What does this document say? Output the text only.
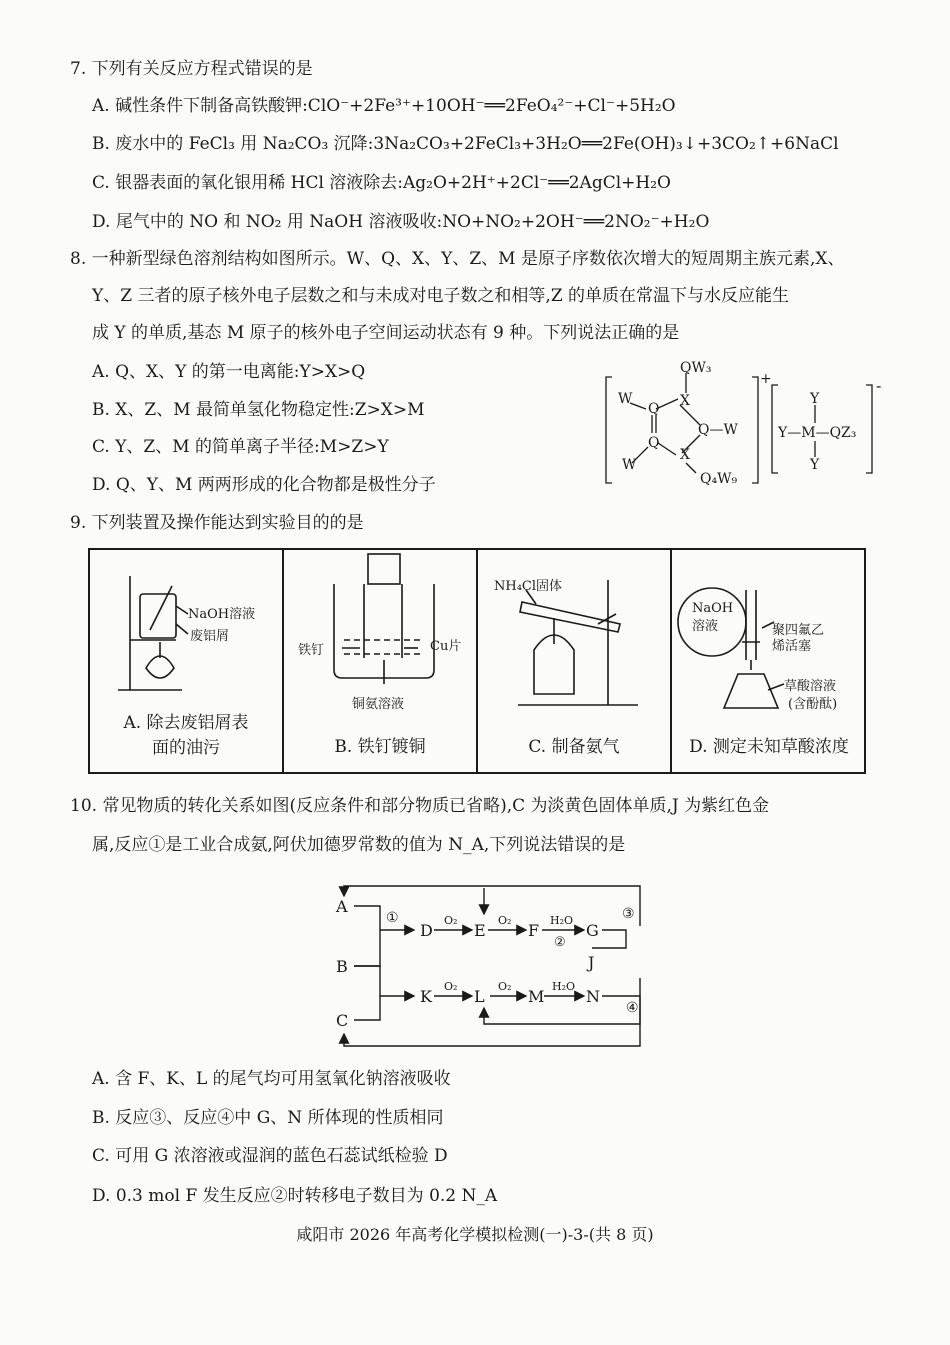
7. 下列有关反应方程式错误的是
A. 碱性条件下制备高铁酸钾:ClO⁻+2Fe³⁺+10OH⁻══2FeO₄²⁻+Cl⁻+5H₂O
B. 废水中的 FeCl₃ 用 Na₂CO₃ 沉降:3Na₂CO₃+2FeCl₃+3H₂O══2Fe(OH)₃↓+3CO₂↑+6NaCl
C. 银器表面的氧化银用稀 HCl 溶液除去:Ag₂O+2H⁺+2Cl⁻══2AgCl+H₂O
D. 尾气中的 NO 和 NO₂ 用 NaOH 溶液吸收:NO+NO₂+2OH⁻══2NO₂⁻+H₂O
8. 一种新型绿色溶剂结构如图所示。W、Q、X、Y、Z、M 是原子序数依次增大的短周期主族元素,X、
Y、Z 三者的原子核外电子层数之和与未成对电子数之和相等,Z 的单质在常温下与水反应能生
成 Y 的单质,基态 M 原子的核外电子空间运动状态有 9 种。下列说法正确的是
A. Q、X、Y 的第一电离能:Y>X>Q
B. X、Z、M 最简单氢化物稳定性:Z>X>M
C. Y、Z、M 的简单离子半径:M>Z>Y
D. Q、Y、M 两两形成的化合物都是极性分子
QW₃
W
Q X
Q—W
Q
X
W
Q₄W₉
+
Y
Y—M—QZ₃
Y
-
9. 下列装置及操作能达到实验目的的是
NaOH溶液
废铝屑
A. 除去废铝屑表
面的油污
铁钉	Cu片
铜氨溶液
B. 铁钉镀铜
NH₄Cl固体
C. 制备氨气
NaOH
溶液	聚四氟乙
烯活塞
草酸溶液
(含酚酞)
D. 测定未知草酸浓度
10. 常见物质的转化关系如图(反应条件和部分物质已省略),C 为淡黄色固体单质,J 为紫红色金
属,反应①是工业合成氨,阿伏加德罗常数的值为 N_A,下列说法错误的是
A
B
C
①
D
O₂
E
O₂
F
H₂O
②
G
③
J
K
O₂
L
O₂
M
H₂O
N
④
A. 含 F、K、L 的尾气均可用氢氧化钠溶液吸收
B. 反应③、反应④中 G、N 所体现的性质相同
C. 可用 G 浓溶液或湿润的蓝色石蕊试纸检验 D
D. 0.3 mol F 发生反应②时转移电子数目为 0.2 N_A
咸阳市 2026 年高考化学模拟检测(一)-3-(共 8 页)
